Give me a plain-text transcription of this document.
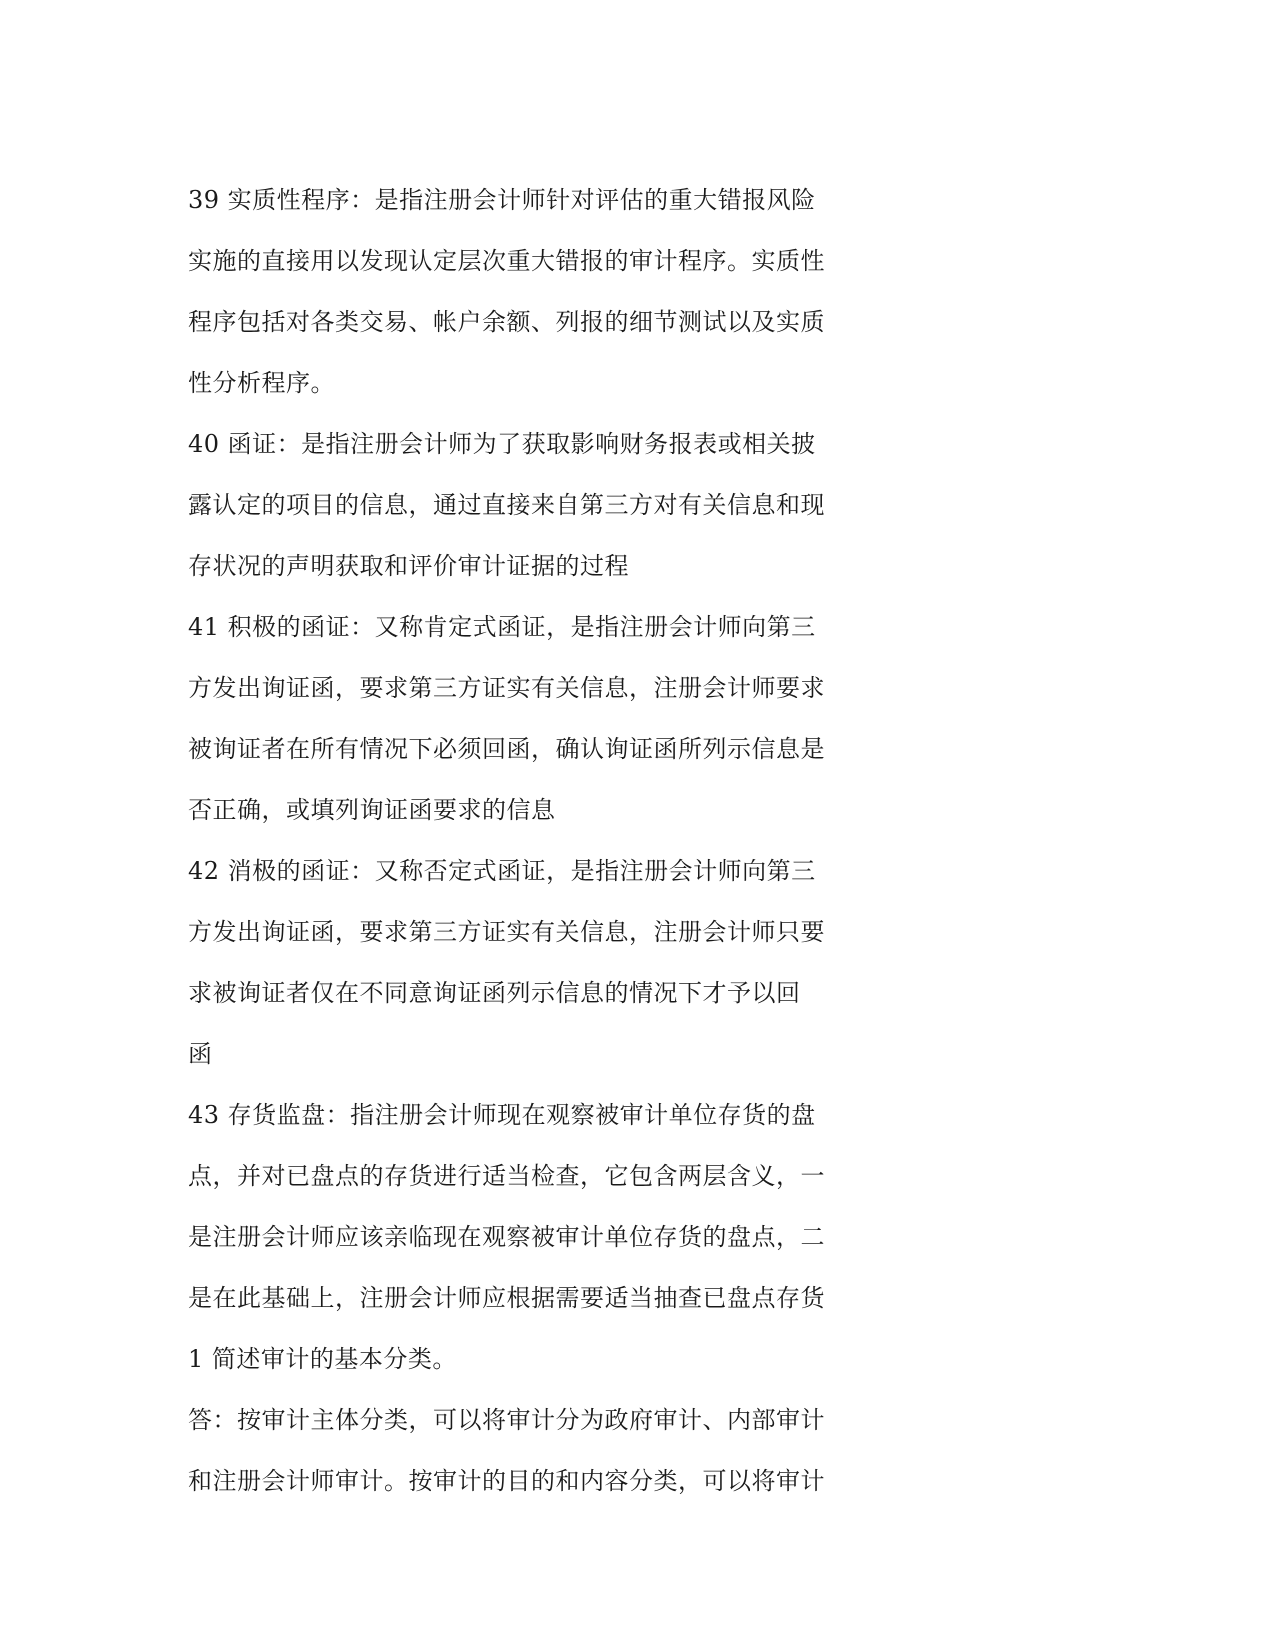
39 实质性程序：是指注册会计师针对评估的重大错报风险
实施的直接用以发现认定层次重大错报的审计程序。实质性
程序包括对各类交易、帐户余额、列报的细节测试以及实质
性分析程序。
40 函证：是指注册会计师为了获取影响财务报表或相关披
露认定的项目的信息，通过直接来自第三方对有关信息和现
存状况的声明获取和评价审计证据的过程
41 积极的函证：又称肯定式函证，是指注册会计师向第三
方发出询证函，要求第三方证实有关信息，注册会计师要求
被询证者在所有情况下必须回函，确认询证函所列示信息是
否正确，或填列询证函要求的信息
42 消极的函证：又称否定式函证，是指注册会计师向第三
方发出询证函，要求第三方证实有关信息，注册会计师只要
求被询证者仅在不同意询证函列示信息的情况下才予以回
函
43 存货监盘：指注册会计师现在观察被审计单位存货的盘
点，并对已盘点的存货进行适当检查，它包含两层含义，一
是注册会计师应该亲临现在观察被审计单位存货的盘点，二
是在此基础上，注册会计师应根据需要适当抽查已盘点存货
1 简述审计的基本分类。
答：按审计主体分类，可以将审计分为政府审计、内部审计
和注册会计师审计。按审计的目的和内容分类，可以将审计
